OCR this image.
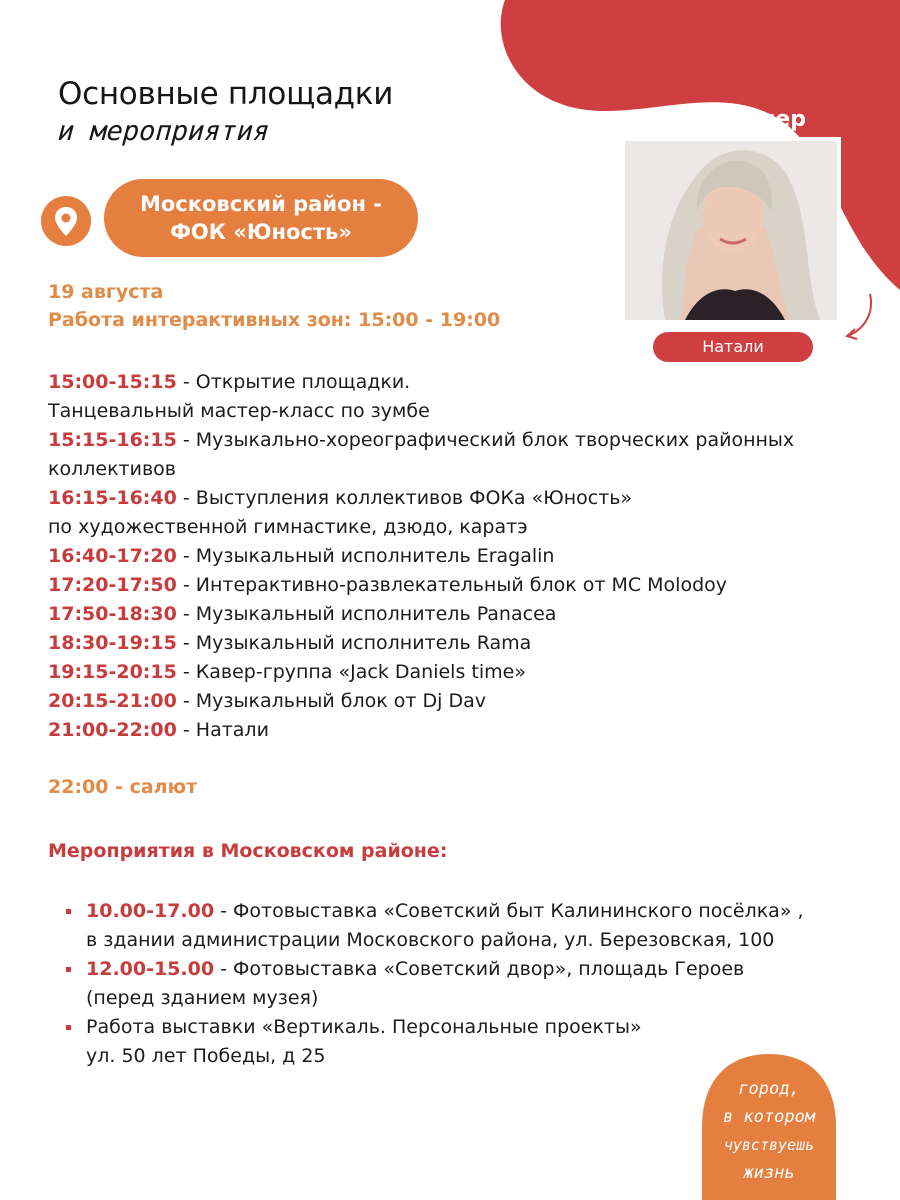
Основные площадки
и мероприятия
Московский район -
ФОК «Юность»
Хедлайнер
Натали
19 августа
Работа интерактивных зон: 15:00 - 19:00
15:00-15:15 - Открытие площадки.
Танцевальный мастер-класс по зумбе
15:15-16:15 - Музыкально-хореографический блок творческих районных
коллективов
16:15-16:40 - Выступления коллективов ФОКа «Юность»
по художественной гимнастике, дзюдо, каратэ
16:40-17:20 - Музыкальный исполнитель Eragalin
17:20-17:50 - Интерактивно-развлекательный блок от MC Molodoy
17:50-18:30 - Музыкальный исполнитель Panacea
18:30-19:15 - Музыкальный исполнитель Rama
19:15-20:15 - Кавер-группа «Jack Daniels time»
20:15-21:00 - Музыкальный блок от Dj Dav
21:00-22:00 - Натали
22:00 - салют
Мероприятия в Московском районе:
10.00-17.00 - Фотовыставка «Советский быт Калининского посёлка» ,
в здании администрации Московского района, ул. Березовская, 100
12.00-15.00 - Фотовыставка «Советский двор», площадь Героев
(перед зданием музея)
Работа выставки «Вертикаль. Персональные проекты»
ул. 50 лет Победы, д 25
город,
в котором
чувствуешь
жизнь
